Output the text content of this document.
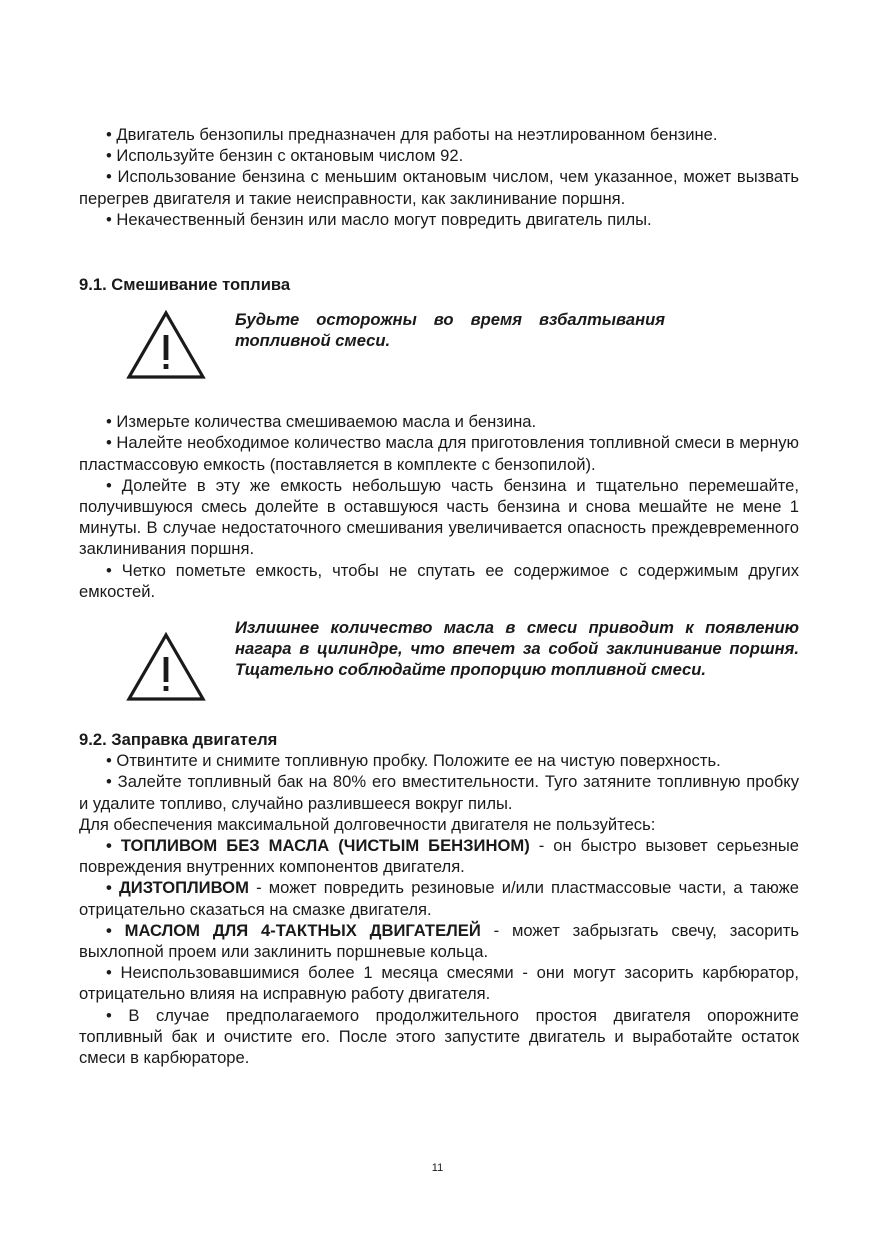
• Двигатель бензопилы предназначен для работы на неэтлированном бензине.

• Используйте бензин с октановым числом 92.

• Использование бензина с меньшим октановым числом, чем указанное, может вызвать перегрев двигателя и такие неисправности, как заклинивание поршня.

• Некачественный бензин или масло могут повредить двигатель пилы.

9.1. Смешивание топлива
Будьте осторожны во время взбалтывания топливной смеси.

• Измерьте количества смешиваемою масла и бензина.

• Налейте необходимое количество масла для приготовления топливной смеси в мерную пластмассовую емкость (поставляется в комплекте с бензопилой).

• Долейте в эту же емкость небольшую часть бензина и тщательно перемешайте, получившуюся смесь долейте в оставшуюся часть бензина и снова мешайте не мене 1 минуты. В случае недостаточного смешивания увеличивается опасность преждевременного заклинивания поршня.

• Четко пометьте емкость, чтобы не спутать ее содержимое с содержимым других емкостей.

Излишнее количество масла в смеси приводит к появлению нагара в цилиндре, что впечет за собой заклинивание поршня. Тщательно соблюдайте пропорцию топливной смеси.
9.2. Заправка двигателя

• Отвинтите и снимите топливную пробку. Положите ее на чистую поверхность.

• Залейте топливный бак на 80% его вместительности. Туго затяните топливную пробку и удалите топливо, случайно разлившееся вокруг пилы.

Для обеспечения максимальной долговечности двигателя не пользуйтесь:

• ТОПЛИВОМ БЕЗ МАСЛА (ЧИСТЫМ БЕНЗИНОМ) - он быстро вызовет серьезные повреждения внутренних компонентов двигателя.

• ДИЗТОПЛИВОМ - может повредить резиновые и/или пластмассовые части, а таюже отрицательно сказаться на смазке двигателя.

• МАСЛОМ ДЛЯ 4-ТАКТНЫХ ДВИГАТЕЛЕЙ - может забрызгать свечу, засорить выхлопной проем или заклинить поршневые кольца.

• Неиспользовавшимися более 1 месяца смесями - они могут засорить карбюратор, отрицательно влияя на исправную работу двигателя.

• В случае предполагаемого продолжительного простоя двигателя опорожните топливный бак и очистите его. После этого запустите двигатель и выработайте остаток смеси в карбюраторе.

11
